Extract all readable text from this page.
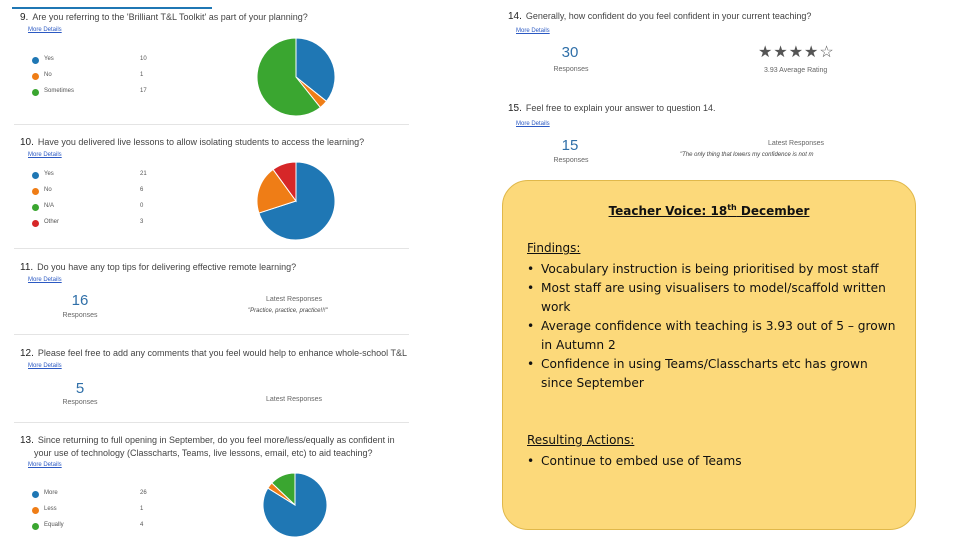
9. Are you referring to the 'Brilliant T&L Toolkit' as part of your planning?
More Details
Yes	10
No	1
Sometimes	17
10. Have you delivered live lessons to allow isolating students to access the learning?
More Details
Yes	21
No	6
N/A	0
Other	3
11. Do you have any top tips for delivering effective remote learning?
More Details
16
Responses
Latest Responses
"Practice, practice, practice!!!"
12. Please feel free to add any comments that you feel would help to enhance whole-school T&L
More Details
5
Responses	Latest Responses
13. Since returning to full opening in September, do you feel more/less/equally as confident in
your use of technology (Classcharts, Teams, live lessons, email, etc) to aid teaching?
More Details
More	26
Less	1
Equally	4
14. Generally, how confident do you feel confident in your current teaching?
More Details
30
Responses
★★★★☆
3.93 Average Rating
15. Feel free to explain your answer to question 14.
More Details
15
Responses
Latest Responses
"The only thing that lowers my confidence is not m
Teacher Voice: 18th December
Findings:
• Vocabulary instruction is being prioritised by most staff
• Most staff are using visualisers to model/scaffold written work
• Average confidence with teaching is 3.93 out of 5 – grown in Autumn 2
• Confidence in using Teams/Classcharts etc has grown since September
Resulting Actions:
• Continue to embed use of Teams
